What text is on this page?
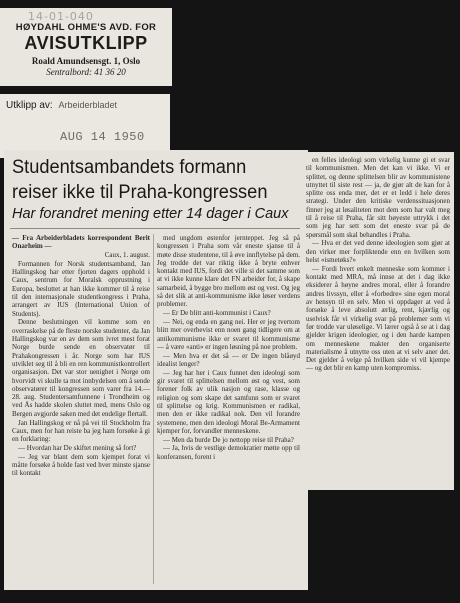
14-01-040
HØYDAHL OHME'S AVD. FOR
AVISUTKLIPP
Roald Amundsensgt. 1, Oslo
Sentralbord: 41 36 20
Utklipp av: Arbeiderbladet
AUG 14 1950
Studentsambandets formann
reiser ikke til Praha-kongressen
Har forandret mening etter 14 dager i Caux

— Fra Arbeiderbladets korrespondent Berit Onarheim —

Caux, 1. august.

Formannen for Norsk studentsamband, Jan Hallingskog har etter fjorten dagers opphold i Caux, sentrum for Moralsk opprustning i Europa, besluttet at han ikke kommer til å reise til den internasjonale studentkongress i Praha, arrangert av IUS (International Union of Students).

Denne beslutningen vil komme som en overraskelse på de fleste norske studenter, da Jan Hallingskog var en av dem som ivret mest forat Norge burde sende en observatør til Prahakongressen i år. Norge som har IUS utviklet seg til å bli en ren kommunistkontrollert organisasjon. Det var stor uenighet i Norge om hvorvidt vi skulle ta mot innbydelsen om å sende observatører til kongressen som varer fra 14.—28. aug. Studentersamfunnene i Trondheim og ved Ås hadde skolen sluttet med, mens Oslo og Bergen avgjorde saken med det endelige flertall.

Jan Hallingskog er nå på vei til Stockholm fra Caux, men for han reiste ba jeg ham forsøke å gi en forklaring:

— Hvordan har De skiftet mening så fort?

— Jeg var blant dem som kjempet forat vi måtte forsøke å holde fast ved hver minste sjanse til kontakt

med ungdom østenfor jernteppet. Jeg så på kongressen i Praha som vår eneste sjanse til å møte disse studentene, til å øve innflytelse på dem. Jeg trodde det var riktig ikke å bryte enhver kontakt med IUS, fordi det ville si det samme som at vi ikke kunne klare det FN arbeider for, å skape samarbeid, å bygge bro mellom øst og vest. Og jeg så det slik at anti-kommunisme ikke løser verdens problemer.

— Er De blitt anti-kommunist i Caux?

— Nei, og enda en gang nei. Her er jeg tvertom blitt mer overbevist enn noen gang tidligere om at antikommunisme ikke er svaret til kommunisme — å være «anti» er ingen løsning på noe problem.

— Men hva er det så — er De ingen blåøyd idealist lenger?

— Jeg har her i Caux funnet den ideologi som gir svaret til splittelsen mellom øst og vest, som forener folk av ulik nasjon og rase, klasse og religion og som skape det samfunn som er svaret til splittelse og krig. Kommunismen er radikal, men den er ikke radikal nok. Den vil forandre systemene, men den ideologi Moral Be-Armament kjemper for, forvandler menneskene.

— Men da burde De jo nettopp reise til Praha?

— Ja, hvis de vestlige demokratier møtte opp til konferansen, forent i

en felles ideologi som virkelig kunne gi et svar til kommunismen. Men det kan vi ikke. Vi er splittet, og denne splittelsen blir av kommunistene utnyttet til siste rest — ja, de gjør alt de kan for å splitte oss enda mer, det er et ledd i hele deres strategi. Under den kritiske verdenssituasjonen finner jeg at løsaliteten mot dem som har valt meg til å reise til Praha, får sitt høyeste uttrykk i det som jeg har sett som det eneste svar på de spørsmål som skal behandles i Praha.

— Hva er det ved denne ideologien som gjør at den virker mer forpliktende enn en hvilken som helst «ismetøks?»

— Fordi hvert enkelt menneske som kommer i kontakt med MRA, må innse at det i dag ikke eksiderer å høyne andres moral, eller å forandre andres livssyn, eller å «forbedre» sine egen moral av hensyn til en selv. Men vi oppdager at ved å forsøke å leve absolutt ærlig, rent, kjærlig og uselvisk får vi virkelig svar på problemer som vi før trodde var uløselige. Vi lærer også å se at i dag gjelder krigen ideologier, og i den harde kampen om menneskene makter den organiserte materialisme å utnytte oss uten at vi selv aner det. Det gjelder å velge på hvilken side vi vil kjempe — og det blir en kamp uten kompromiss.
